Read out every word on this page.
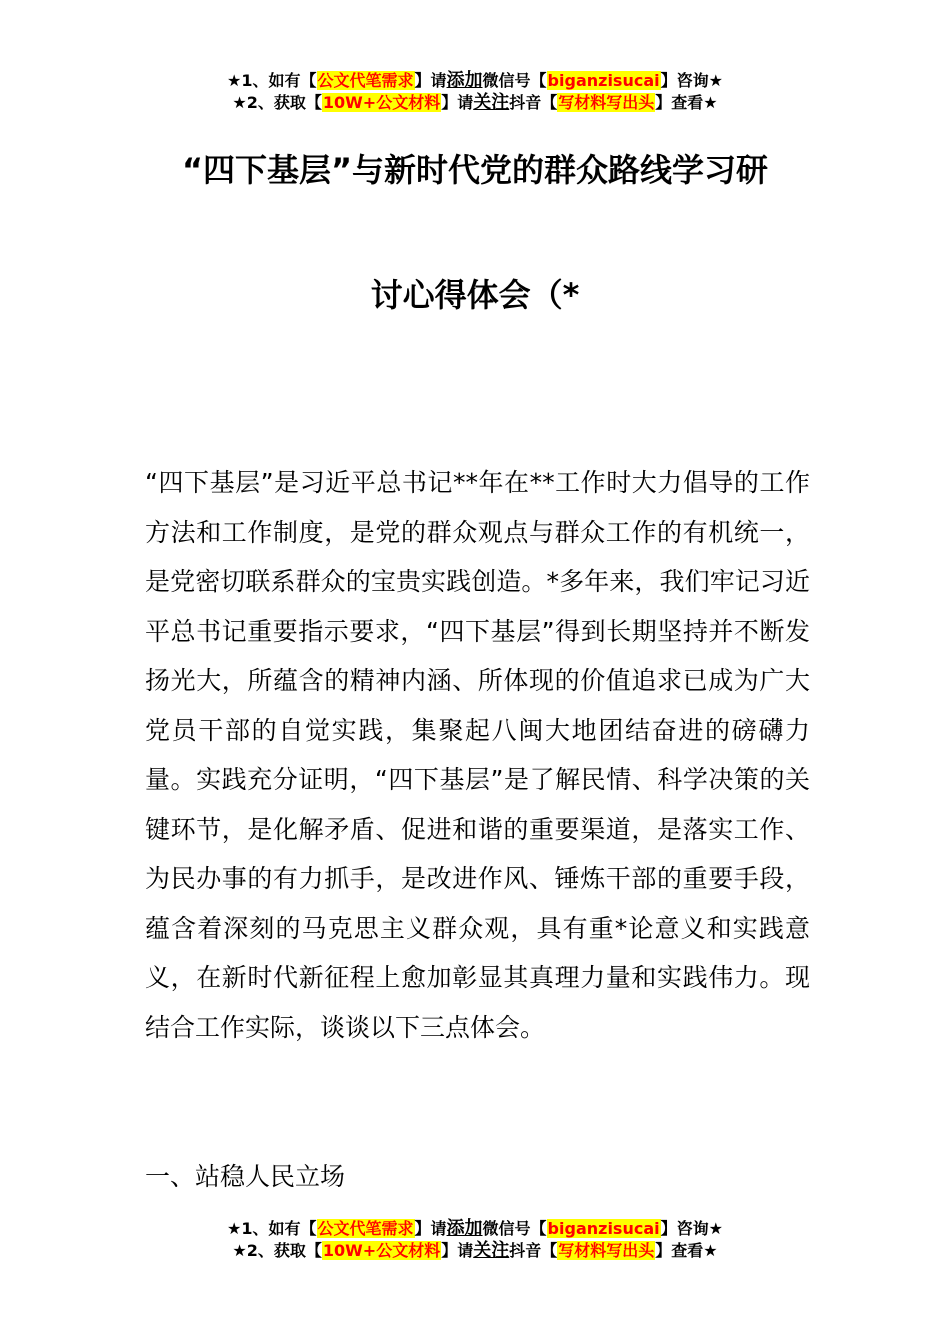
★1、如有【公文代笔需求】请添加微信号【biganzisucai】咨询★
★2、获取【10W+公文材料】请关注抖音【写材料写出头】查看★
“四下基层”与新时代党的群众路线学习研
讨心得体会（*
“四下基层”是习近平总书记**年在**工作时大力倡导的工作方法和工作制度，是党的群众观点与群众工作的有机统一，是党密切联系群众的宝贵实践创造。*多年来，我们牢记习近平总书记重要指示要求，“四下基层”得到长期坚持并不断发扬光大，所蕴含的精神内涵、所体现的价值追求已成为广大党员干部的自觉实践，集聚起八闽大地团结奋进的磅礴力量。实践充分证明，“四下基层”是了解民情、科学决策的关键环节，是化解矛盾、促进和谐的重要渠道，是落实工作、为民办事的有力抓手，是改进作风、锤炼干部的重要手段，蕴含着深刻的马克思主义群众观，具有重*论意义和实践意义，在新时代新征程上愈加彰显其真理力量和实践伟力。现结合工作实际，谈谈以下三点体会。
一、站稳人民立场
★1、如有【公文代笔需求】请添加微信号【biganzisucai】咨询★
★2、获取【10W+公文材料】请关注抖音【写材料写出头】查看★
